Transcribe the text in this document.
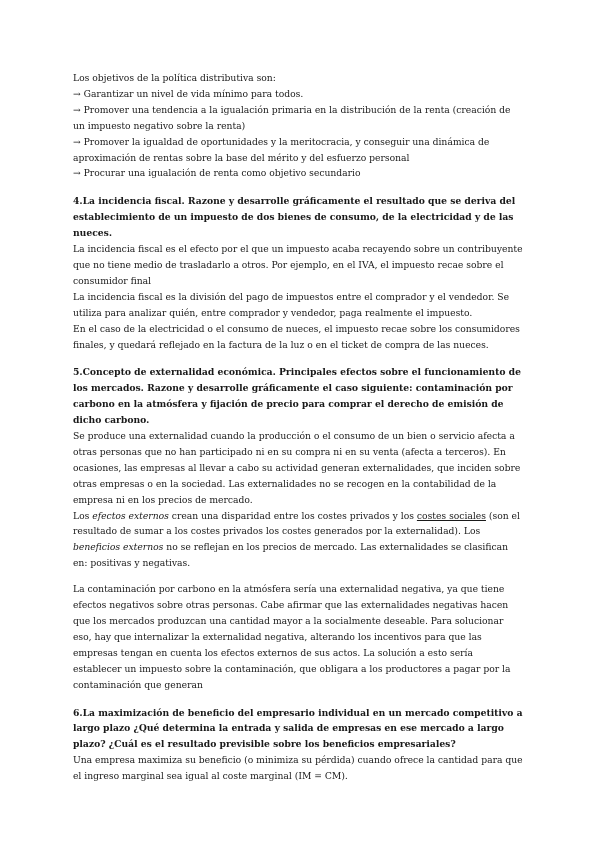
Los objetivos de la política distributiva son:

→ Garantizar un nivel de vida mínimo para todos.

→ Promover una tendencia a la igualación primaria en la distribución de la renta (creación de un impuesto negativo sobre la renta)

→ Promover la igualdad de oportunidades y la meritocracia, y conseguir una dinámica de aproximación de rentas sobre la base del mérito y del esfuerzo personal

→ Procurar una igualación de renta como objetivo secundario

4.La incidencia fiscal. Razone y desarrolle gráficamente el resultado que se deriva del establecimiento de un impuesto de dos bienes de consumo, de la electricidad y de las nueces.

La incidencia fiscal es el efecto por el que un impuesto acaba recayendo sobre un contribuyente que no tiene medio de trasladarlo a otros. Por ejemplo, en el IVA, el impuesto recae sobre el consumidor final

La incidencia fiscal es la división del pago de impuestos entre el comprador y el vendedor. Se utiliza para analizar quién, entre comprador y vendedor, paga realmente el impuesto.

En el caso de la electricidad o el consumo de nueces, el impuesto recae sobre los consumidores finales, y quedará reflejado en la factura de la luz o en el ticket de compra de las nueces.

5.Concepto de externalidad económica. Principales efectos sobre el funcionamiento de los mercados. Razone y desarrolle gráficamente el caso siguiente: contaminación por carbono en la atmósfera y fijación de precio para comprar el derecho de emisión de dicho carbono.

Se produce una externalidad cuando la producción o el consumo de un bien o servicio afecta a otras personas que no han participado ni en su compra ni en su venta (afecta a terceros). En ocasiones, las empresas al llevar a cabo su actividad generan externalidades, que inciden sobre otras empresas o en la sociedad. Las externalidades no se recogen en la contabilidad de la empresa ni en los precios de mercado.

Los efectos externos crean una disparidad entre los costes privados y los costes sociales (son el resultado de sumar a los costes privados los costes generados por la externalidad). Los beneficios externos no se reflejan en los precios de mercado. Las externalidades se clasifican en: positivas y negativas.

La contaminación por carbono en la atmósfera sería una externalidad negativa, ya que tiene efectos negativos sobre otras personas. Cabe afirmar que las externalidades negativas hacen que los mercados produzcan una cantidad mayor a la socialmente deseable. Para solucionar eso, hay que internalizar la externalidad negativa, alterando los incentivos para que las empresas tengan en cuenta los efectos externos de sus actos. La solución a esto sería establecer un impuesto sobre la contaminación, que obligara a los productores a pagar por la contaminación que generan

6.La maximización de beneficio del empresario individual en un mercado competitivo a largo plazo ¿Qué determina la entrada y salida de empresas en ese mercado a largo plazo? ¿Cuál es el resultado previsible sobre los beneficios empresariales?

Una empresa maximiza su beneficio (o minimiza su pérdida) cuando ofrece la cantidad para que el ingreso marginal sea igual al coste marginal (IM = CM).
